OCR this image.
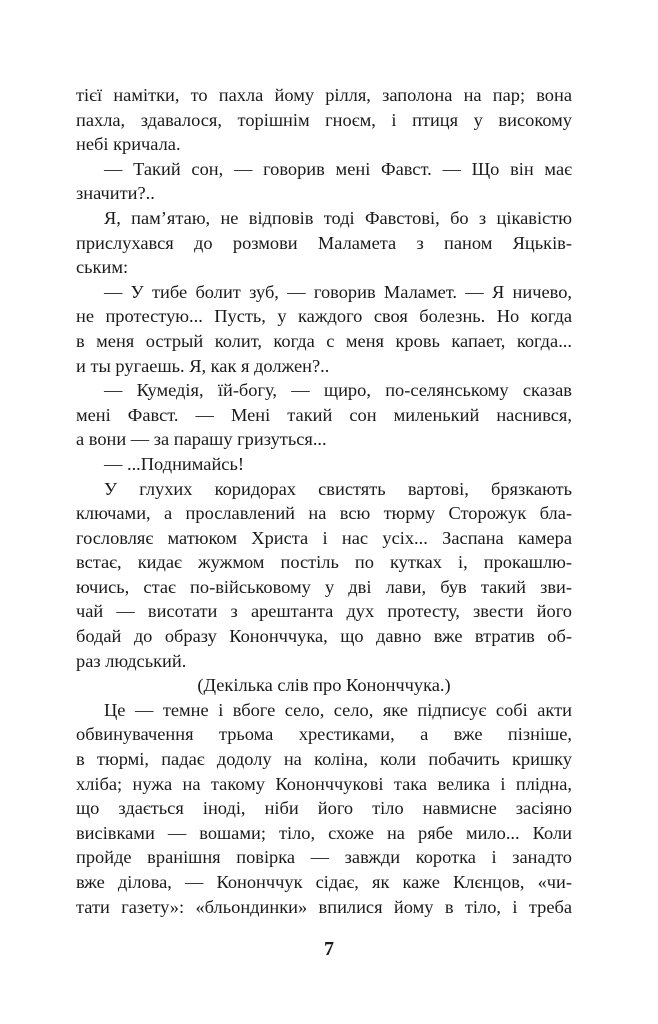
тієї намітки, то пахла йому рілля, заполона на пар; вона
пахла, здавалося, торішнім гноєм, і птиця у високому
небі кричала.
— Такий сон, — говорив мені Фавст. — Що він має
значити?..
Я, пам’ятаю, не відповів тоді Фавстові, бо з цікавістю
прислухався до розмови Маламета з паном Яцьків-
ським:
— У тибе болит зуб, — говорив Маламет. — Я ничево,
не протестую... Пусть, у каждого своя болезнь. Но когда
в меня острый колит, когда с меня кровь капает, когда...
и ты ругаешь. Я, как я должен?..
— Кумедія, їй-богу, — щиро, по-селянському сказав
мені Фавст. — Мені такий сон миленький наснився,
а вони — за парашу гризуться...
— ...Поднимайсь!
У глухих коридорах свистять вартові, брязкають
ключами, а прославлений на всю тюрму Сторожук бла-
гословляє матюком Христа і нас усіх... Заспана камера
встає, кидає жужмом постіль по кутках і, прокашлю-
ючись, стає по-військовому у дві лави, був такий зви-
чай — висотати з арештанта дух протесту, звести його
бодай до образу Кононччука, що давно вже втратив об-
раз людський.
(Декілька слів про Кононччука.)
Це — темне і вбоге село, село, яке підписує собі акти
обвинувачення трьома хрестиками, а вже пізніше,
в тюрмі, падає додолу на коліна, коли побачить кришку
хліба; нужа на такому Кононччукові така велика і плідна,
що здається іноді, ніби його тіло навмисне засіяно
висівками — вошами; тіло, схоже на рябе мило... Коли
пройде вранішня повірка — завжди коротка і занадто
вже ділова, — Кононччук сідає, як каже Клєнцов, «чи-
тати газету»: «бльондинки» впилися йому в тіло, і треба
7
